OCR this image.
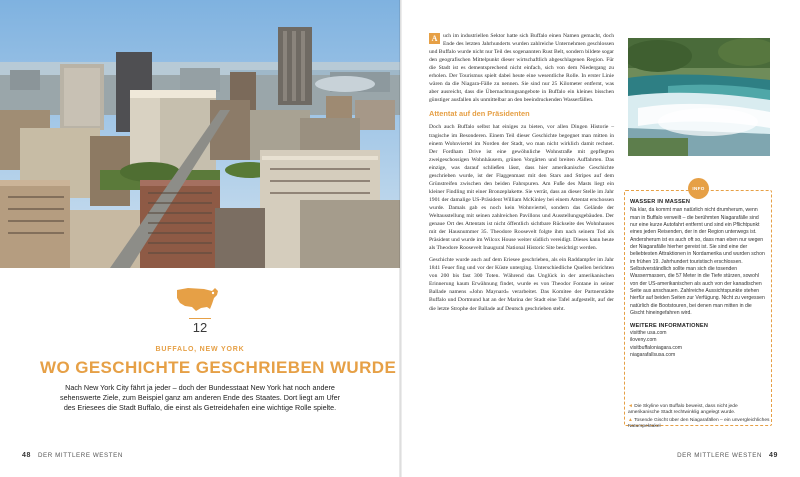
12
BUFFALO, NEW YORK
WO GESCHICHTE GESCHRIEBEN WURDE
Nach New York City fährt ja jeder – doch der Bundesstaat New York hat noch andere
sehenswerte Ziele, zum Beispiel ganz am anderen Ende des Staates. Dort liegt am Ufer
des Eriesees die Stadt Buffalo, die einst als Getreidehafen eine wichtige Rolle spielte.
48 DER MITTLERE WESTEN

A	uch im industriellen Sektor hatte sich Buffalo einen Namen gemacht, doch Ende des letzten Jahrhunderts wurden zahlreiche Unternehmen geschlossen und Buffalo wurde nicht nur Teil des sogenannten Rust Belt, sondern bildete sogar den geografischen Mittelpunkt dieser wirtschaftlich abgeschlagenen Region. Für die Stadt ist es dementsprechend nicht einfach, sich von dem Niedergang zu erholen. Der Tourismus spielt dabei heute eine wesentliche Rolle. In erster Linie wären da die Niagara-Fälle zu nennen. Sie sind nur 25 Kilometer entfernt, was aber ausreicht, dass die Übernachtungsangebote in Buffalo ein kleines bisschen günstiger ausfallen als unmittelbar an den beeindruckenden Wasserfällen.

Attentat auf den Präsidenten

Doch auch Buffalo selbst hat einiges zu bieten, vor allen Dingen Historie – tragische im Besonderen. Einem Teil dieser Geschichte begegnet man mitten in einem Wohnviertel im Norden der Stadt, wo man nicht wirklich damit rechnet. Der Fordham Drive ist eine gewöhnliche Wohnstraße mit gepflegten zweigeschossigen Wohnhäusern, grünen Vorgärten und breiten Auffahrten. Das einzige, was darauf schließen lässt, dass hier amerikanische Geschichte geschrieben wurde, ist der Flaggenmast mit den Stars and Stripes auf dem Grünstreifen zwischen den beiden Fahrspuren. Am Fuße des Masts liegt ein kleiner Findling mit einer Bronzeplakette. Sie verrät, dass an dieser Stelle im Jahr 1901 der damalige US-Präsident William McKinley bei einem Attentat erschossen wurde. Damals gab es noch kein Wohnviertel, sondern das Gelände der Weltausstellung mit seinen zahlreichen Pavillons und Ausstellungsgebäuden. Der genaue Ort des Attentats ist nicht öffentlich sichtbare Rückseite des Wohnhauses mit der Hausnummer 35. Theodore Roosevelt folgte ihm nach seinem Tod als Präsident und wurde im Wilcox House weiter südlich vereidigt. Dieses kann heute als Theodore Roosevelt Inaugural National Historic Site besichtigt werden.

Geschichte wurde auch auf dem Eriesee geschrieben, als ein Raddampfer im Jahr 1841 Feuer fing und vor der Küste unterging. Unterschiedliche Quellen berichten von 200 bis fast 300 Toten. Während das Unglück in der amerikanischen Erinnerung kaum Erwähnung findet, wurde es von Theodor Fontane in seiner Ballade namens »John Maynard« verarbeitet. Das Komitee der Partnerstädte Buffalo und Dortmund hat an der Marina der Stadt eine Tafel aufgestellt, auf der die letzte Strophe der Ballade auf Deutsch geschrieben steht.

INFO
WASSER IN MASSEN
Na klar, da kommt man natürlich nicht drumherum, wenn man in Buffalo verweilt – die berühmten Niagarafälle sind nur eine kurze Autofahrt entfernt und sind ein Pflichtpunkt eines jeden Reisenden, der in der Region unterwegs ist. Andersherum ist es auch oft so, dass man eben nur wegen der Niagarafälle hierher gereist ist. Sie sind eine der beliebtesten Attraktionen in Nordamerika und wurden schon im frühen 19. Jahrhundert touristisch erschlossen. Selbstverständlich sollte man sich die tosenden Wassermassen, die 57 Meter in die Tiefe stürzen, sowohl von der US-amerikanischen als auch von der kanadischen Seite aus anschauen. Zahlreiche Aussichtspunkte stehen hierfür auf beiden Seiten zur Verfügung. Nicht zu vergessen natürlich die Bootstouren, bei denen man mitten in die Gischt hineingefahren wird.
WEITERE INFORMATIONEN
visitthe usa.com
iloveny.com
visitbuffaloniagara.com
niagarafallsusa.com
◄ Die Skyline von Buffalo beweist, dass nicht jede amerikanische Stadt rechtwinklig angelegt wurde.
▲ Tosende Gischt über den Niagarafällen – ein unvergleichliches Naturspektakel
DER MITTLERE WESTEN 49
